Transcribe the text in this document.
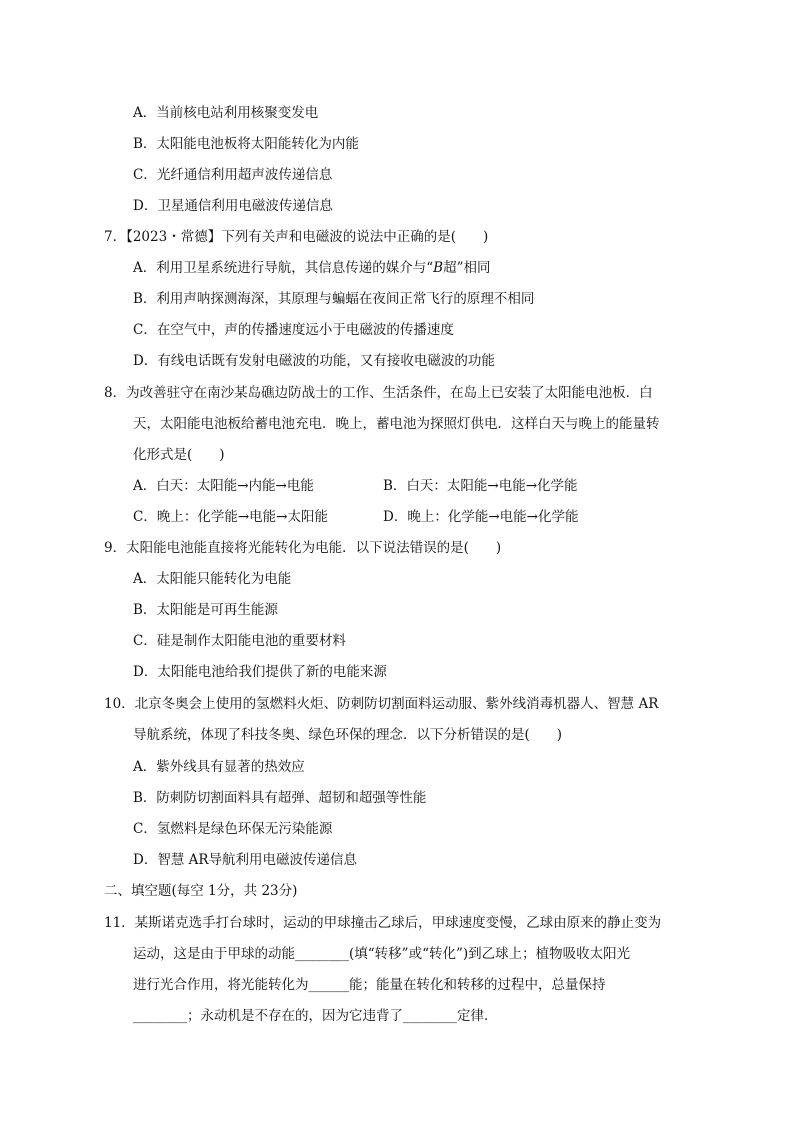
A．当前核电站利用核聚变发电
B．太阳能电池板将太阳能转化为内能
C．光纤通信利用超声波传递信息
D．卫星通信利用电磁波传递信息
7．【2023・常德】下列有关声和电磁波的说法中正确的是(　　)
A．利用卫星系统进行导航，其信息传递的媒介与“B超”相同
B．利用声呐探测海深，其原理与蝙蝠在夜间正常飞行的原理不相同
C．在空气中，声的传播速度远小于电磁波的传播速度
D．有线电话既有发射电磁波的功能，又有接收电磁波的功能
8．为改善驻守在南沙某岛礁边防战士的工作、生活条件，在岛上已安装了太阳能电池板．白
天，太阳能电池板给蓄电池充电．晚上，蓄电池为探照灯供电．这样白天与晚上的能量转
化形式是(　　)
A．白天：太阳能→内能→电能	B．白天：太阳能→电能→化学能
C．晚上：化学能→电能→太阳能	D．晚上：化学能→电能→化学能
9．太阳能电池能直接将光能转化为电能．以下说法错误的是(　　)
A．太阳能只能转化为电能
B．太阳能是可再生能源
C．硅是制作太阳能电池的重要材料
D．太阳能电池给我们提供了新的电能来源
10．北京冬奥会上使用的氢燃料火炬、防刺防切割面料运动服、紫外线消毒机器人、智慧 AR
导航系统，体现了科技冬奥、绿色环保的理念．以下分析错误的是(　　)
A．紫外线具有显著的热效应
B．防刺防切割面料具有超弹、超韧和超强等性能
C．氢燃料是绿色环保无污染能源
D．智慧 AR导航利用电磁波传递信息
二、填空题(每空 1分，共 23分)
11．某斯诺克选手打台球时，运动的甲球撞击乙球后，甲球速度变慢，乙球由原来的静止变为
运动，这是由于甲球的动能________(填“转移”或“转化”)到乙球上；植物吸收太阳光
进行光合作用，将光能转化为______能；能量在转化和转移的过程中，总量保持
________；永动机是不存在的，因为它违背了________定律．
